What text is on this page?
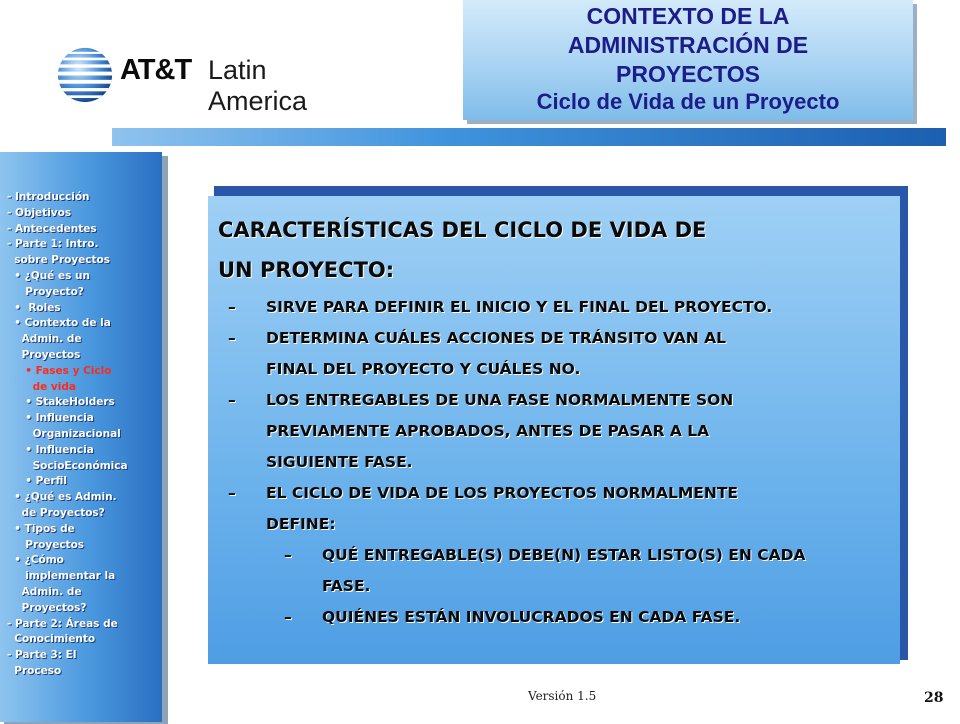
AT&T Latin America
CONTEXTO DE LA
ADMINISTRACIÓN DE
PROYECTOS
Ciclo de Vida de un Proyecto
- Introducción
- Objetivos
- Antecedentes
- Parte 1: Intro.
sobre Proyectos
• ¿Qué es un
Proyecto?
•  Roles
• Contexto de la
Admin. de
Proyectos
• Fases y Ciclo
de vida
• StakeHolders
• Influencia
Organizacional
• Influencia
SocioEconómica
• Perfil
• ¿Qué es Admin.
de Proyectos?
• Tipos de
Proyectos
• ¿Cómo
implementar la
Admin. de
Proyectos?
- Parte 2: Áreas de
Conocimiento
- Parte 3: El
Proceso
CARACTERÍSTICAS DEL CICLO DE VIDA DE
UN PROYECTO:
– SIRVE PARA DEFINIR EL INICIO Y EL FINAL DEL PROYECTO.
– DETERMINA CUÁLES ACCIONES DE TRÁNSITO VAN AL
FINAL DEL PROYECTO Y CUÁLES NO.
– LOS ENTREGABLES DE UNA FASE NORMALMENTE SON
PREVIAMENTE APROBADOS, ANTES DE PASAR A LA
SIGUIENTE FASE.
– EL CICLO DE VIDA DE LOS PROYECTOS NORMALMENTE
DEFINE:
– QUÉ ENTREGABLE(S) DEBE(N) ESTAR LISTO(S) EN CADA
FASE.
– QUIÉNES ESTÁN INVOLUCRADOS EN CADA FASE.
Versión 1.5	28
